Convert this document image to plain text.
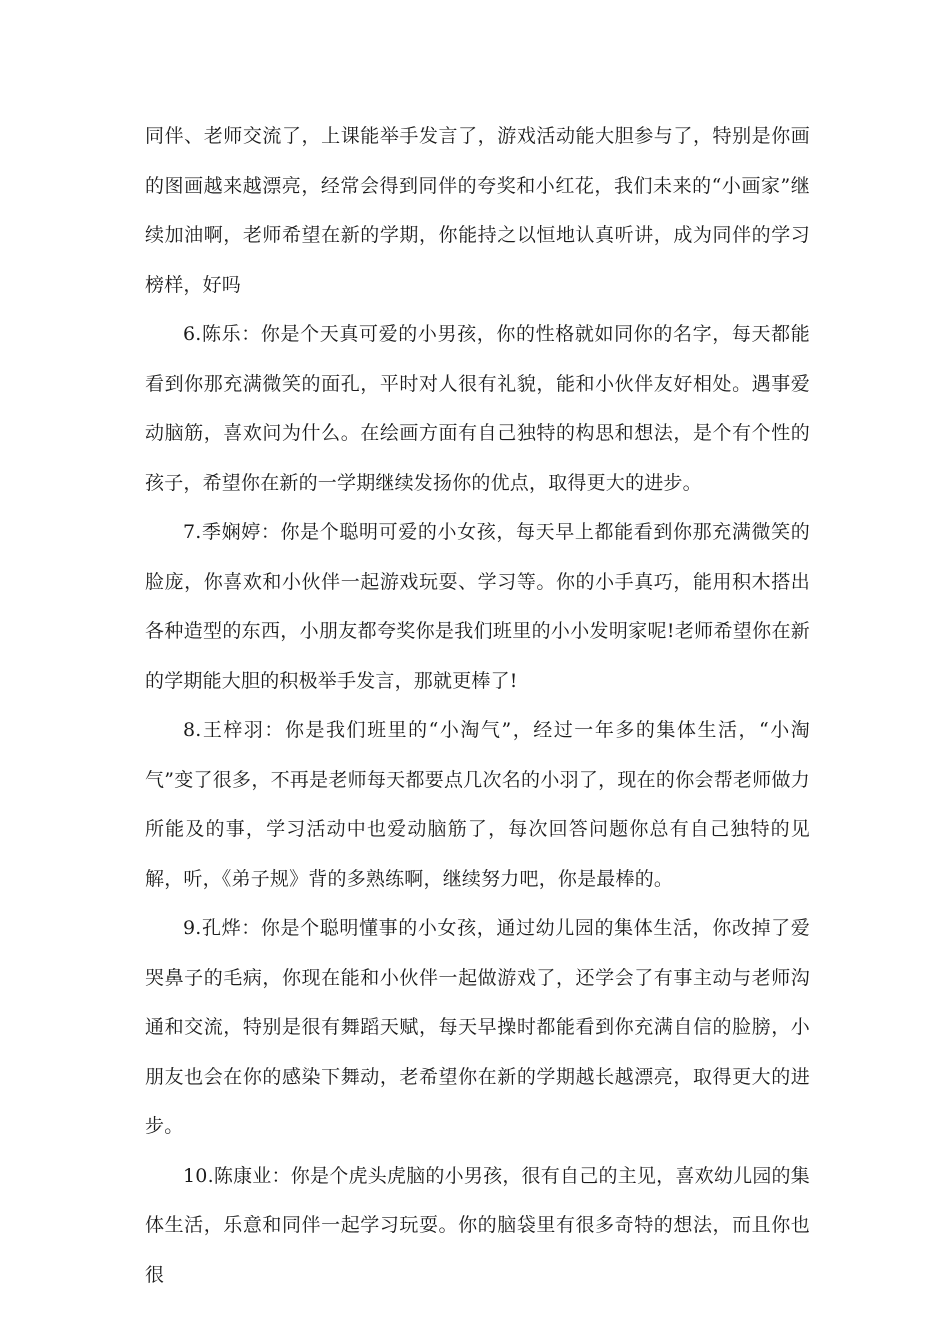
同伴、老师交流了，上课能举手发言了，游戏活动能大胆参与了，特别是你画的图画越来越漂亮，经常会得到同伴的夸奖和小红花，我们未来的“小画家”继续加油啊，老师希望在新的学期，你能持之以恒地认真听讲，成为同伴的学习榜样，好吗

6.陈乐：你是个天真可爱的小男孩，你的性格就如同你的名字，每天都能看到你那充满微笑的面孔，平时对人很有礼貌，能和小伙伴友好相处。遇事爱动脑筋，喜欢问为什么。在绘画方面有自己独特的构思和想法，是个有个性的孩子，希望你在新的一学期继续发扬你的优点，取得更大的进步。

7.季娴婷：你是个聪明可爱的小女孩，每天早上都能看到你那充满微笑的脸庞，你喜欢和小伙伴一起游戏玩耍、学习等。你的小手真巧，能用积木搭出各种造型的东西，小朋友都夸奖你是我们班里的小小发明家呢!老师希望你在新的学期能大胆的积极举手发言，那就更棒了!

8.王梓羽：你是我们班里的“小淘气”，经过一年多的集体生活，“小淘气”变了很多，不再是老师每天都要点几次名的小羽了，现在的你会帮老师做力所能及的事，学习活动中也爱动脑筋了，每次回答问题你总有自己独特的见解，听，《弟子规》背的多熟练啊，继续努力吧，你是最棒的。

9.孔烨：你是个聪明懂事的小女孩，通过幼儿园的集体生活，你改掉了爱哭鼻子的毛病，你现在能和小伙伴一起做游戏了，还学会了有事主动与老师沟通和交流，特别是很有舞蹈天赋，每天早操时都能看到你充满自信的脸膀，小朋友也会在你的感染下舞动，老希望你在新的学期越长越漂亮，取得更大的进步。

10.陈康业：你是个虎头虎脑的小男孩，很有自己的主见，喜欢幼儿园的集体生活，乐意和同伴一起学习玩耍。你的脑袋里有很多奇特的想法，而且你也很
